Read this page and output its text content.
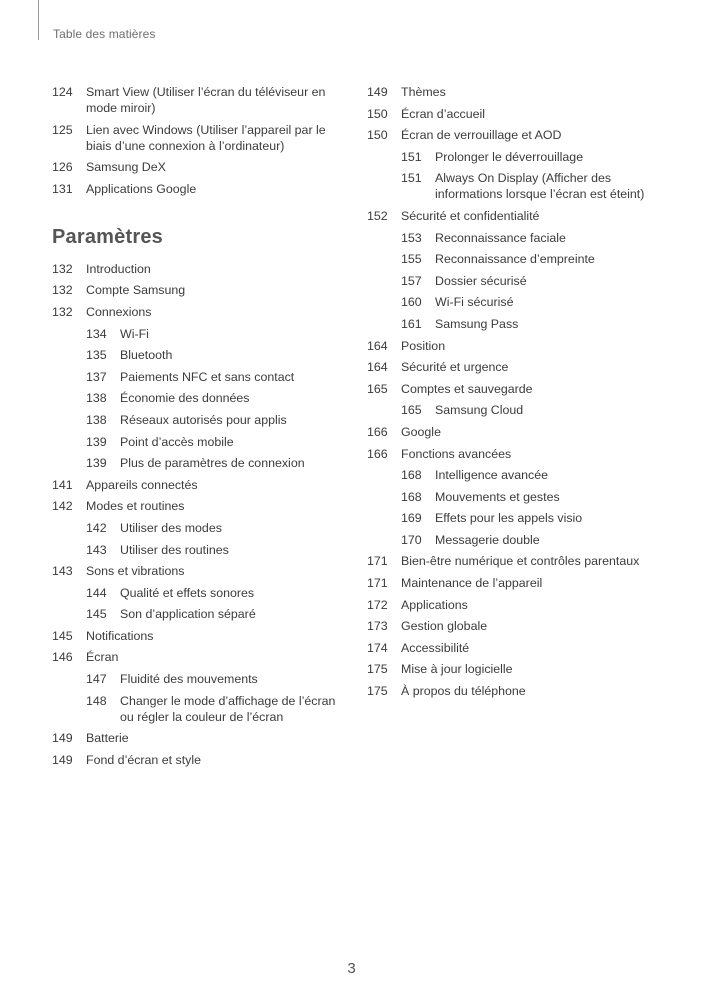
Table des matières
124	Smart View (Utiliser l’écran du téléviseur en mode miroir)
125	Lien avec Windows (Utiliser l’appareil par le biais d’une connexion à l’ordinateur)
126	Samsung DeX
131	Applications Google
Paramètres
132	Introduction
132	Compte Samsung
132	Connexions
134	Wi-Fi
135	Bluetooth
137	Paiements NFC et sans contact
138	Économie des données
138	Réseaux autorisés pour applis
139	Point d’accès mobile
139	Plus de paramètres de connexion
141	Appareils connectés
142	Modes et routines
142	Utiliser des modes
143	Utiliser des routines
143	Sons et vibrations
144	Qualité et effets sonores
145	Son d’application séparé
145	Notifications
146	Écran
147	Fluidité des mouvements
148	Changer le mode d’affichage de l’écran ou régler la couleur de l’écran
149	Batterie
149	Fond d’écran et style
149	Thèmes
150	Écran d’accueil
150	Écran de verrouillage et AOD
151	Prolonger le déverrouillage
151	Always On Display (Afficher des informations lorsque l’écran est éteint)
152	Sécurité et confidentialité
153	Reconnaissance faciale
155	Reconnaissance d’empreinte
157	Dossier sécurisé
160	Wi-Fi sécurisé
161	Samsung Pass
164	Position
164	Sécurité et urgence
165	Comptes et sauvegarde
165	Samsung Cloud
166	Google
166	Fonctions avancées
168	Intelligence avancée
168	Mouvements et gestes
169	Effets pour les appels visio
170	Messagerie double
171	Bien-être numérique et contrôles parentaux
171	Maintenance de l’appareil
172	Applications
173	Gestion globale
174	Accessibilité
175	Mise à jour logicielle
175	À propos du téléphone
3
